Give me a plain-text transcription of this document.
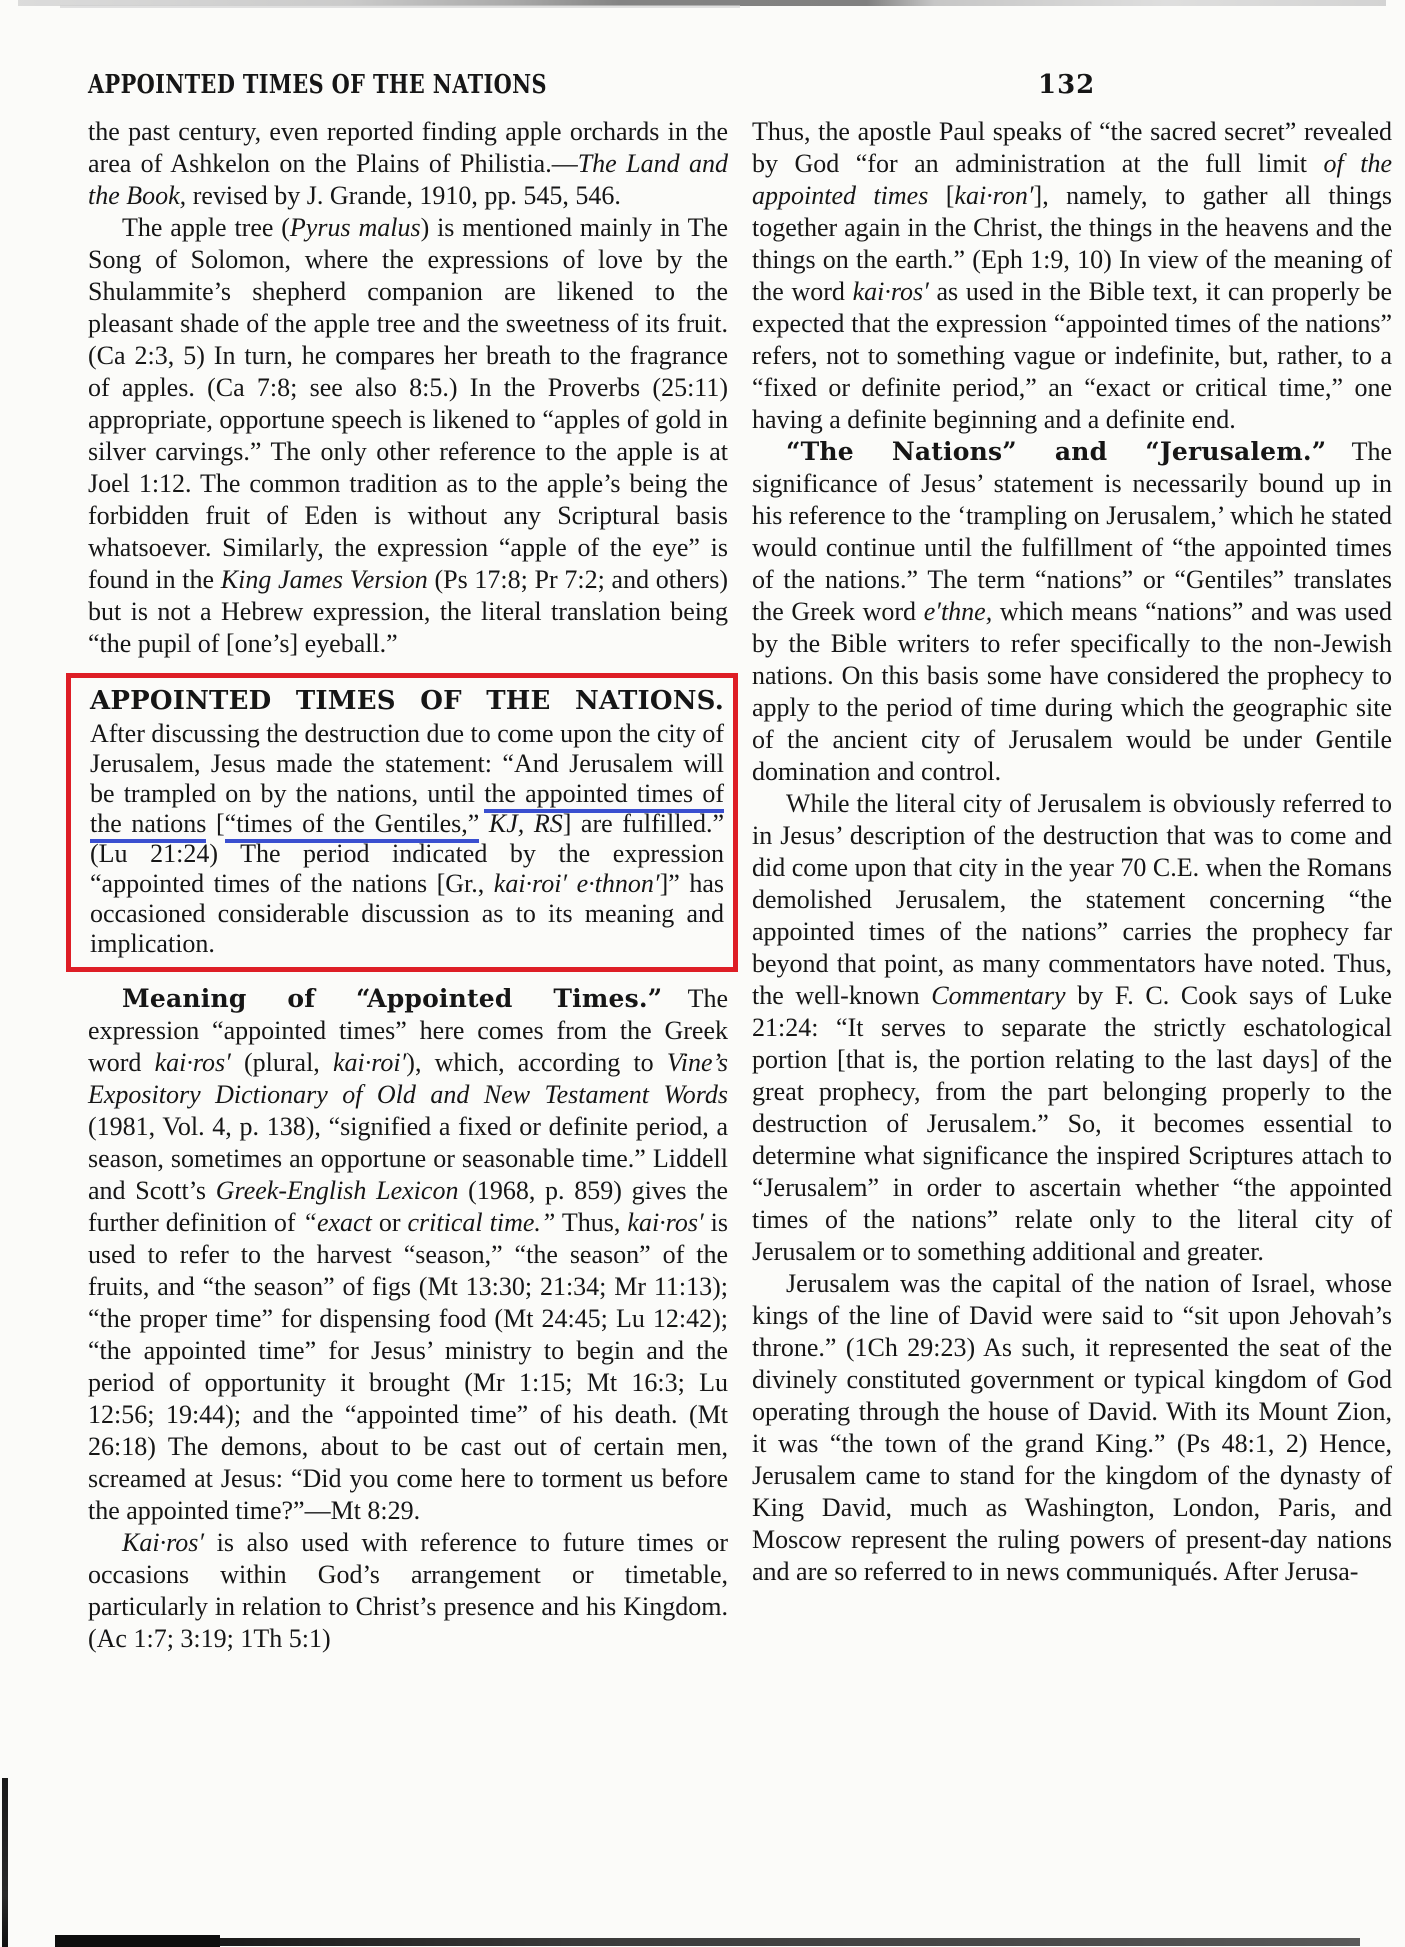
APPOINTED TIMES OF THE NATIONS	132

the past century, even reported finding apple orchards in the area of Ashkelon on the Plains of Philistia.—The Land and the Book, revised by J. Grande, 1910, pp. 545, 546.

The apple tree (Pyrus malus) is mentioned mainly in The Song of Solomon, where the expressions of love by the Shulammite’s shepherd companion are likened to the pleasant shade of the apple tree and the sweetness of its fruit. (Ca 2:3, 5) In turn, he compares her breath to the fragrance of apples. (Ca 7:8; see also 8:5.) In the Proverbs (25:11) appropriate, opportune speech is likened to “apples of gold in silver carvings.” The only other reference to the apple is at Joel 1:12. The common tradition as to the apple’s being the forbidden fruit of Eden is without any Scriptural basis whatsoever. Similarly, the expression “apple of the eye” is found in the King James Version (Ps 17:8; Pr 7:2; and others) but is not a Hebrew expression, the literal translation being “the pupil of [one’s] eyeball.”

APPOINTED TIMES OF THE NATIONS.

After discussing the destruction due to come upon the city of Jerusalem, Jesus made the statement: “And Jerusalem will be trampled on by the nations, until the appointed times of the nations [“times of the Gentiles,” KJ, RS] are fulfilled.” (Lu 21:24) The period indicated by the expression “appointed times of the nations [Gr., kai·roi′ e·thnon′]” has occasioned considerable discussion as to its meaning and implication.

Meaning of “Appointed Times.” The expression “appointed times” here comes from the Greek word kai·ros′ (plural, kai·roi′), which, according to Vine’s Expository Dictionary of Old and New Testament Words (1981, Vol. 4, p. 138), “signified a fixed or definite period, a season, sometimes an opportune or seasonable time.” Liddell and Scott’s Greek-English Lexicon (1968, p. 859) gives the further definition of “exact or critical time.” Thus, kai·ros′ is used to refer to the harvest “season,” “the season” of the fruits, and “the season” of figs (Mt 13:30; 21:34; Mr 11:13); “the proper time” for dispensing food (Mt 24:45; Lu 12:42); “the appointed time” for Jesus’ ministry to begin and the period of opportunity it brought (Mr 1:15; Mt 16:3; Lu 12:56; 19:44); and the “appointed time” of his death. (Mt 26:18) The demons, about to be cast out of certain men, screamed at Jesus: “Did you come here to torment us before the appointed time?”—Mt 8:29.

Kai·ros′ is also used with reference to future times or occasions within God’s arrangement or timetable, particularly in relation to Christ’s presence and his Kingdom. (Ac 1:7; 3:19; 1Th 5:1)

Thus, the apostle Paul speaks of “the sacred secret” revealed by God “for an administration at the full limit of the appointed times [kai·ron′], namely, to gather all things together again in the Christ, the things in the heavens and the things on the earth.” (Eph 1:9, 10) In view of the meaning of the word kai·ros′ as used in the Bible text, it can properly be expected that the expression “appointed times of the nations” refers, not to something vague or indefinite, but, rather, to a “fixed or definite period,” an “exact or critical time,” one having a definite beginning and a definite end.

“The Nations” and “Jerusalem.” The significance of Jesus’ statement is necessarily bound up in his reference to the ‘trampling on Jerusalem,’ which he stated would continue until the fulfillment of “the appointed times of the nations.” The term “nations” or “Gentiles” translates the Greek word e′thne, which means “nations” and was used by the Bible writers to refer specifically to the non-Jewish nations. On this basis some have considered the prophecy to apply to the period of time during which the geographic site of the ancient city of Jerusalem would be under Gentile domination and control.

While the literal city of Jerusalem is obviously referred to in Jesus’ description of the destruction that was to come and did come upon that city in the year 70 C.E. when the Romans demolished Jerusalem, the statement concerning “the appointed times of the nations” carries the prophecy far beyond that point, as many commentators have noted. Thus, the well-known Commentary by F. C. Cook says of Luke 21:24: “It serves to separate the strictly eschatological portion [that is, the portion relating to the last days] of the great prophecy, from the part belonging properly to the destruction of Jerusalem.” So, it becomes essential to determine what significance the inspired Scriptures attach to “Jerusalem” in order to ascertain whether “the appointed times of the nations” relate only to the literal city of Jerusalem or to something additional and greater.

Jerusalem was the capital of the nation of Israel, whose kings of the line of David were said to “sit upon Jehovah’s throne.” (1Ch 29:23) As such, it represented the seat of the divinely constituted government or typical kingdom of God operating through the house of David. With its Mount Zion, it was “the town of the grand King.” (Ps 48:1, 2) Hence, Jerusalem came to stand for the kingdom of the dynasty of King David, much as Washington, London, Paris, and Moscow represent the ruling powers of present-day nations and are so referred to in news communiqués. After Jerusa-
